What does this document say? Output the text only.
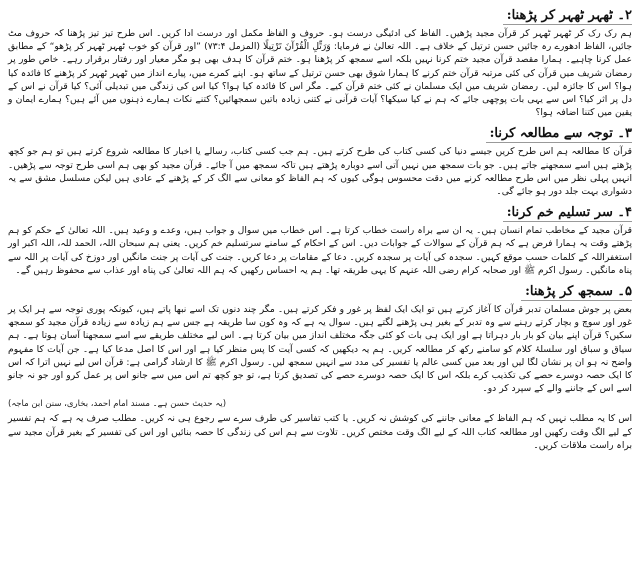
۲۔ ٹھہر ٹھہر کر پڑھنا:

ہم رک رک کر ٹھہر ٹھہر کر قرآن مجید پڑھیں۔ الفاظ کی ادئیگی درست ہو۔ حروف و الفاظ مکمل اور درست ادا کریں۔ اس طرح تیز تیز پڑھنا کہ حروف مٹ جائیں، الفاظ ادھورے رہ جائیں حسن ترتیل کے خلاف ہے۔ اللہ تعالیٰ نے فرمایا: وَرَتِّلِ الْقُرْآنَ تَرْتِيلًا (المزمل ۷۳:۴) ”اور قرآن کو خوب ٹھہر ٹھہر کر پڑھو“ کے مطابق عمل کرنا چاہیے۔ ہمارا مقصد قرآن مجید ختم کرنا نہیں بلکہ اسے سمجھ کر پڑھنا ہو۔ ختم قرآن کا ہدف بھی ہو مگر معیار اور رفتار برقرار رہے۔ خاص طور پر رمضان شریف میں قرآن کی کئی مرتبہ قرآن ختم کرنے کا ہمارا شوق بھی حسن ترتیل کے ساتھ ہو۔ اپنے کمرے میں، پیارے انداز میں ٹھہر ٹھہر کر پڑھنے کا فائدہ کیا ہوا؟ اس کا جائزہ لیں۔ رمضان شریف میں ایک مسلمان نے کئی ختم قرآن کیے۔ مگر اس کا فائدہ کیا ہوا؟ کیا اس کی زندگی میں تبدیلی آئی؟ کیا قرآن نے اس کے دل پر اثر کیا؟ اس سے یہی بات پوچھی جائے کہ ہم نے کیا سیکھا؟ آیات قرآنی نے کتنی زیادہ باتیں سمجھائیں؟ کتنے نکات ہمارے ذہنوں میں آئے ہیں؟ ہمارے ایمان و یقین میں کتنا اضافہ ہوا؟

۳۔ توجہ سے مطالعہ کرنا:

قرآن کا مطالعہ ہم اس طرح کریں جیسے دنیا کی کسی کتاب کی طرح کرتے ہیں۔ ہم جب کسی کتاب، رسالے یا اخبار کا مطالعہ شروع کرتے ہیں تو ہم جو کچھ پڑھتے ہیں اسے سمجھنے جاتے ہیں۔ جو بات سمجھ میں نہیں آتی اسے دوبارہ پڑھتے ہیں تاکہ سمجھ میں آ جائے۔ قرآن مجید کو بھی ہم اسی طرح توجہ سے پڑھیں۔ انہیں پہلی نظر میں اس طرح مطالعہ کرنے میں دقت محسوس ہوگی کیوں کہ ہم الفاظ کو معانی سے الگ کر کے پڑھنے کے عادی ہیں لیکن مسلسل مشق سے یہ دشواری بہت جلد دور ہو جائے گی۔

۴۔ سر تسلیم خم کرنا:

قرآن مجید کے مخاطب تمام انسان ہیں۔ یہ ان سے براہ راست خطاب کرتا ہے۔ اس خطاب میں سوال و جواب ہیں، وعدے و وعید ہیں۔ اللہ تعالیٰ کے حکم کو ہم پڑھتے وقت یہ ہمارا فرض ہے کہ ہم قرآن کے سوالات کے جوابات دیں۔ اس کے احکام کے سامنے سرتسلیم خم کریں۔ یعنی ہم سبحان اللہ، الحمد للہ، اللہ اکبر اور استغفراللہ کے کلمات حسب موقع کہیں۔ سجدہ کی آیات پر سجدہ کریں۔ دعا کے مقامات پر دعا کریں۔ جنت کی آیات پر جنت مانگیں اور دوزخ کی آیات پر اللہ سے پناہ مانگیں۔ رسول اکرم ﷺ اور صحابہ کرام رضی اللہ عنہم کا یہی طریقہ تھا۔ ہم یہ احساس رکھیں کہ ہم اللہ تعالیٰ کی پناہ اور عذاب سے محفوظ رہیں گے۔

۵۔ سمجھ کر پڑھنا:

بعض پر جوش مسلمان تدبر قرآن کا آغاز کرتے ہیں تو ایک ایک لفظ پر غور و فکر کرتے ہیں۔ مگر چند دنوں تک اسے نبھا پاتے ہیں، کیونکہ پوری توجہ سے ہر ایک پر غور اور سوچ و بچار کرتے رہنے سے وہ تدبر کے بغیر ہی پڑھنے لگتے ہیں۔ سوال یہ ہے کہ وہ کون سا طریقہ ہے جس سے ہم زیادہ سے زیادہ قرآن مجید کو سمجھ سکیں؟ قرآن اپنے بیان کو بار بار دہراتا ہے اور ایک ہی بات کو کئی جگہ مختلف انداز میں بیان کرتا ہے۔ اس لیے مختلف طریقے سے اسے سمجھنا آسان ہوتا ہے۔ ہم سیاق و سباق اور سلسلۂ کلام کو سامنے رکھ کر مطالعہ کریں۔ ہم یہ دیکھیں کہ کسی آیت کا پس منظر کیا ہے اور اس کا اصل مدعا کیا ہے۔ جن آیات کا مفہوم واضح نہ ہو ان پر نشان لگا لیں اور بعد میں کسی عالم یا تفسیر کی مدد سے انہیں سمجھ لیں۔ رسول اکرم ﷺ کا ارشاد گرامی ہے: قرآن اس لیے نہیں اترا کہ اس کا ایک حصہ دوسرے حصے کی تکذیب کرے بلکہ اس کا ایک حصہ دوسرے حصے کی تصدیق کرتا ہے، تو جو کچھ تم اس میں سے جانو اس پر عمل کرو اور جو نہ جانو اسے اس کے جاننے والے کے سپرد کر دو۔

(یہ حدیث حسن ہے۔ مسند امام احمد، بخاری، سنن ابن ماجہ)

اس کا یہ مطلب نہیں کہ ہم الفاظ کے معانی جاننے کی کوشش نہ کریں۔ یا کتب تفاسیر کی طرف سرے سے رجوع ہی نہ کریں۔ مطلب صرف یہ ہے کہ ہم تفسیر کے لیے الگ وقت رکھیں اور مطالعہ کتاب اللہ کے لیے الگ وقت مختص کریں۔ تلاوت سے ہم اس کی زندگی کا حصہ بنائیں اور اس کی تفسیر کے بغیر قرآن مجید سے براہ راست ملاقات کریں۔
